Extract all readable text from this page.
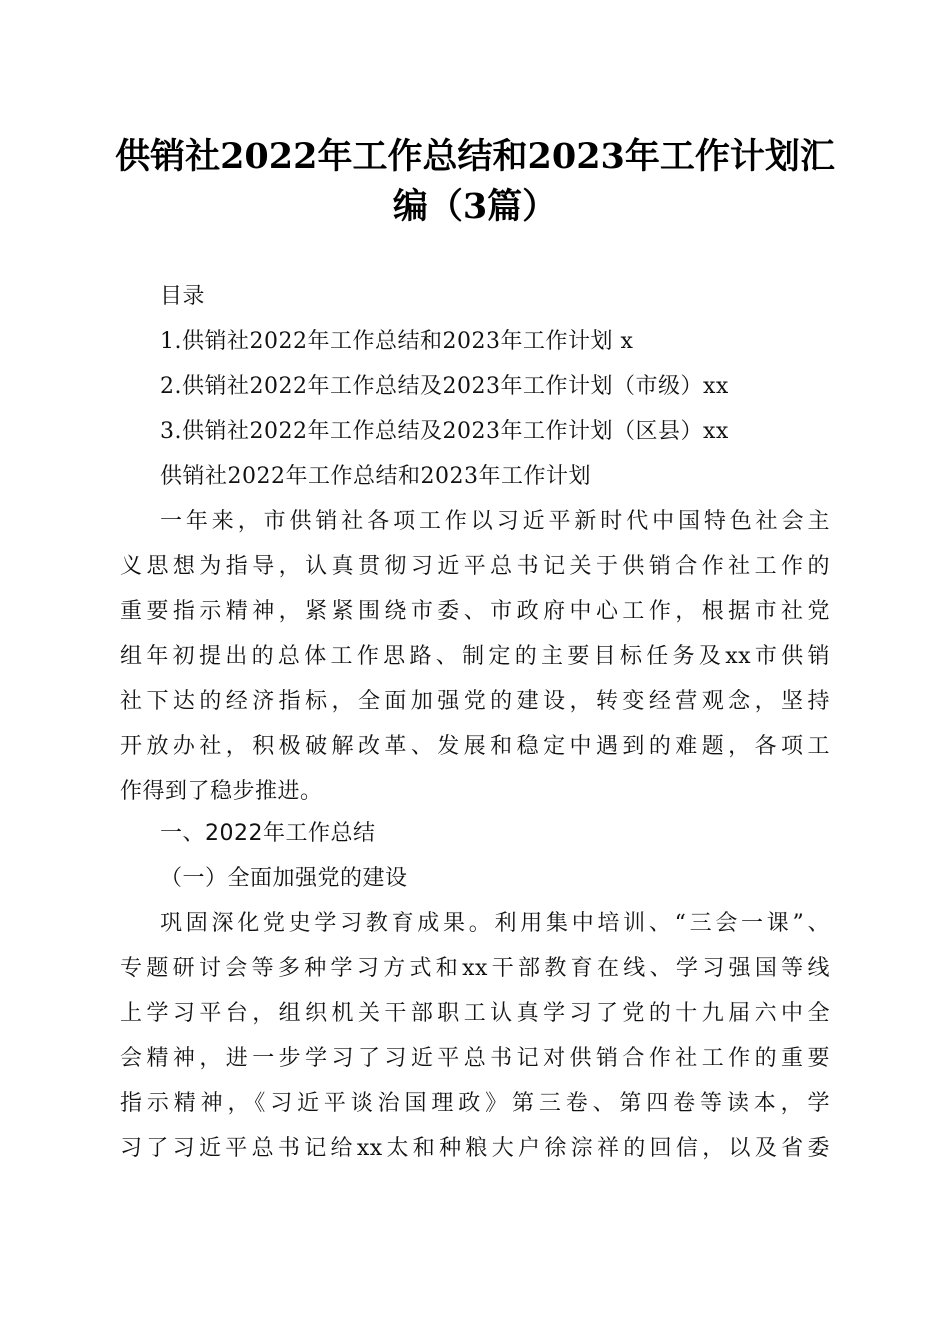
供销社2022年工作总结和2023年工作计划汇
编（3篇）
目录
1.供销社2022年工作总结和2023年工作计划 x
2.供销社2022年工作总结及2023年工作计划（市级）xx
3.供销社2022年工作总结及2023年工作计划（区县）xx
供销社2022年工作总结和2023年工作计划
一年来，市供销社各项工作以习近平新时代中国特色社会主
义思想为指导，认真贯彻习近平总书记关于供销合作社工作的
重要指示精神，紧紧围绕市委、市政府中心工作，根据市社党
组年初提出的总体工作思路、制定的主要目标任务及xx市供销
社下达的经济指标，全面加强党的建设，转变经营观念，坚持
开放办社，积极破解改革、发展和稳定中遇到的难题，各项工
作得到了稳步推进。
一、2022年工作总结
（一）全面加强党的建设
巩固深化党史学习教育成果。利用集中培训、“三会一课”、
专题研讨会等多种学习方式和xx干部教育在线、学习强国等线
上学习平台，组织机关干部职工认真学习了党的十九届六中全
会精神，进一步学习了习近平总书记对供销合作社工作的重要
指示精神，《习近平谈治国理政》第三卷、第四卷等读本，学
习了习近平总书记给xx太和种粮大户徐淙祥的回信，以及省委
